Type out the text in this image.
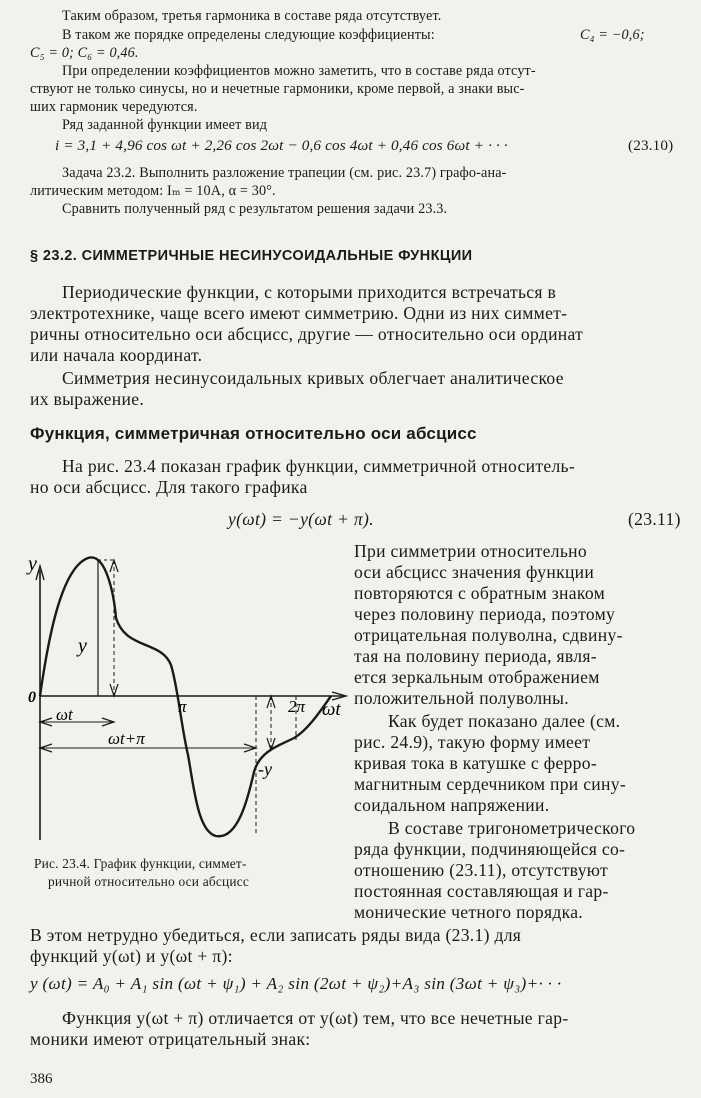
Таким образом, третья гармоника в составе ряда отсутствует.
В таком же порядке определены следующие коэффициенты:	C₄ = −0,6;
C₅ = 0; C₆ = 0,46.
При определении коэффициентов можно заметить, что в составе ряда отсут-
ствуют не только синусы, но и нечетные гармоники, кроме первой, а знаки выс-
ших гармоник чередуются.
Ряд заданной функции имеет вид
i = 3,1 + 4,96 cos ωt + 2,26 cos 2ωt − 0,6 cos 4ωt + 0,46 cos 6ωt + · · ·	(23.10)
Задача 23.2. Выполнить разложение трапеции (см. рис. 23.7) графо-ана-
литическим методом: Iₘ = 10А, α = 30°.
Сравнить полученный ряд с результатом решения задачи 23.3.
§ 23.2. СИММЕТРИЧНЫЕ НЕСИНУСОИДАЛЬНЫЕ ФУНКЦИИ
Периодические функции, с которыми приходится встречаться в
электротехнике, чаще всего имеют симметрию. Одни из них симмет-
ричны относительно оси абсцисс, другие — относительно оси ординат
или начала координат.
Симметрия несинусоидальных кривых облегчает аналитическое
их выражение.
Функция, симметричная относительно оси абсцисс
На рис. 23.4 показан график функции, симметричной относитель-
но оси абсцисс. Для такого графика
y(ωt) = −y(ωt + π).	(23.11)
y
0
ωt
π	2π
y
ωt
ωt+π
-y
При симметрии относительно
оси абсцисс значения функции
повторяются с обратным знаком
через половину периода, поэтому
отрицательная полуволна, сдвину-
тая на половину периода, явля-
ется зеркальным отображением
положительной полуволны.
Как будет показано далее (см.
рис. 24.9), такую форму имеет
кривая тока в катушке с ферро-
магнитным сердечником при сину-
соидальном напряжении.
В составе тригонометрического
ряда функции, подчиняющейся со-
отношению (23.11), отсутствуют
постоянная составляющая и гар-
монические четного порядка.
Рис. 23.4. График функции, симмет-
ричной относительно оси абсцисс
В этом нетрудно убедиться, если записать ряды вида (23.1) для
функций y(ωt) и y(ωt + π):
y (ωt) = A₀ + A₁ sin (ωt + ψ₁) + A₂ sin (2ωt + ψ₂)+A₃ sin (3ωt + ψ₃)+· · ·
Функция y(ωt + π) отличается от y(ωt) тем, что все нечетные гар-
моники имеют отрицательный знак:
386
